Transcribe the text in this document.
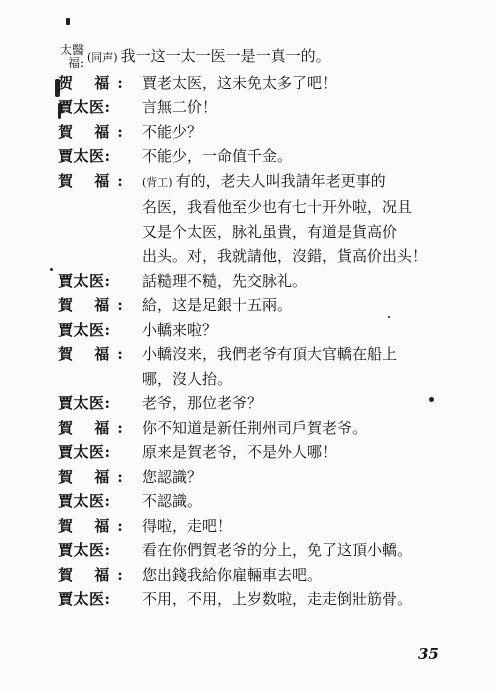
太醫
福: (同声) 我一这一太一医一是一真一的。
贺 福: 賈老太医，这未免太多了吧！
賈太医:	言無二价！
賀 福: 不能少？
賈太医:	不能少，一命值千金。
賀 福:	(背工) 有的，老夫人叫我請年老更事的
名医，我看他至少也有七十开外啦，况且
又是个太医，脉礼虽貴，有道是貨高价
出头。对，我就請他，沒錯，貨高价出头！
賈太医:	話糙理不糙，先交脉礼。
賀 福: 給，这是足銀十五兩。
賈太医:	小轎来啦？
賀 福: 小轎沒来，我們老爷有頂大官轎在船上
哪，沒人抬。
賈太医:	老爷，那位老爷？
賀 福: 你不知道是新任荆州司戶賀老爷。
賈太医:	原来是賀老爷，不是外人哪！
賀 福: 您認識？
賈太医:	不認識。
賀 福: 得啦，走吧！
賈太医:	看在你們賀老爷的分上，免了这頂小轎。
賀 福: 您出錢我給你雇輛車去吧。
賈太医:	不用，不用，上岁数啦，走走倒壯筋骨。
35
